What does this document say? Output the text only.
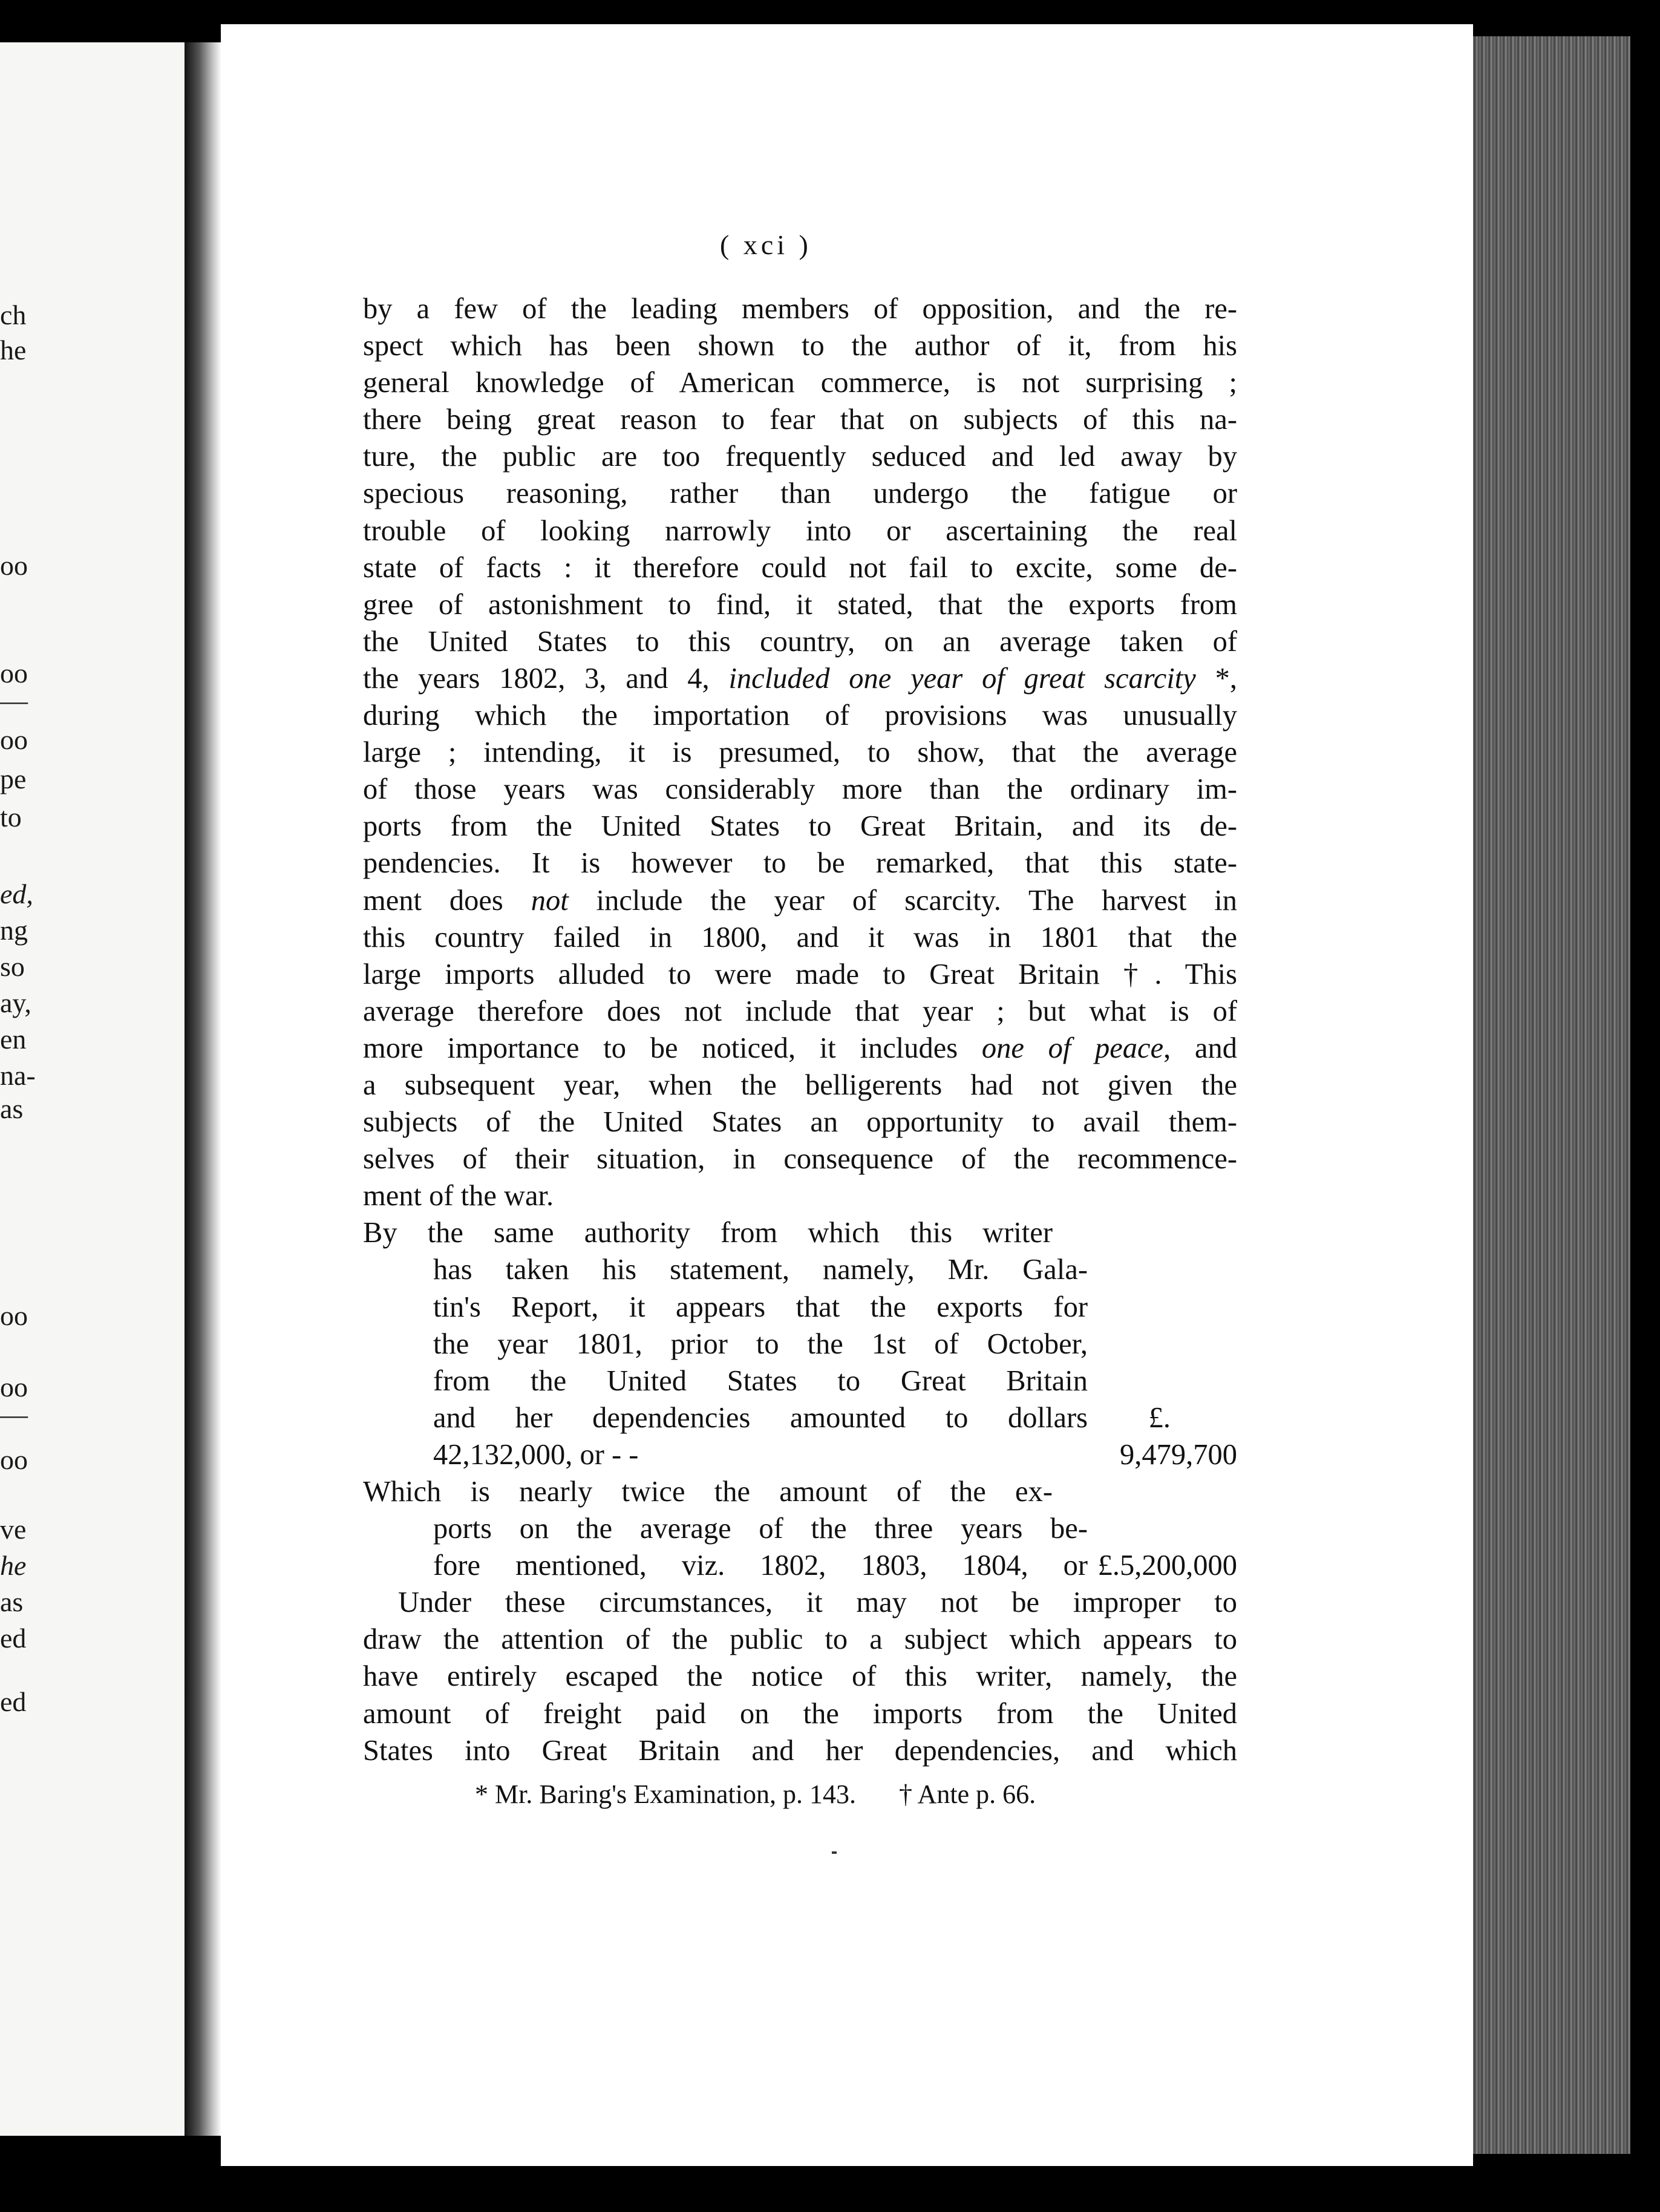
ch
he
oo
oo
—
oo
pe
to
ed,
ng
so
ay,
en
na-
as
oo
oo
—
oo
ve
he
as
ed
ed
( xci )
by a few of the leading members of opposition, and the re-
spect which has been shown to the author of it, from his
general knowledge of American commerce, is not surprising ;
there being great reason to fear that on subjects of this na-
ture, the public are too frequently seduced and led away by
specious reasoning, rather than undergo the fatigue or
trouble of looking narrowly into or ascertaining the real
state of facts : it therefore could not fail to excite, some de-
gree of astonishment to find, it stated, that the exports from
the United States to this country, on an average taken of
the years 1802, 3, and 4, included one year of great scarcity *,
during which the importation of provisions was unusually
large ; intending, it is presumed, to show, that the average
of those years was considerably more than the ordinary im-
ports from the United States to Great Britain, and its de-
pendencies. It is however to be remarked, that this state-
ment does not include the year of scarcity. The harvest in
this country failed in 1800, and it was in 1801 that the
large imports alluded to were made to Great Britain †. This
average therefore does not include that year ; but what is of
more importance to be noticed, it includes one of peace, and
a subsequent year, when the belligerents had not given the
subjects of the United States an opportunity to avail them-
selves of their situation, in consequence of the recommence-
ment of the war.
By the same authority from which this writer
has taken his statement, namely, Mr. Gala-
tin's Report, it appears that the exports for
the year 1801, prior to the 1st of October,
from the United States to Great Britain
and her dependencies amounted to dollars £.
42,132,000, or - -	9,479,700
Which is nearly twice the amount of the ex-
ports on the average of the three years be-
fore mentioned, viz. 1802, 1803, 1804, or £.5,200,000
Under these circumstances, it may not be improper to
draw the attention of the public to a subject which appears to
have entirely escaped the notice of this writer, namely, the
amount of freight paid on the imports from the United
States into Great Britain and her dependencies, and which
* Mr. Baring's Examination, p. 143. † Ante p. 66.
